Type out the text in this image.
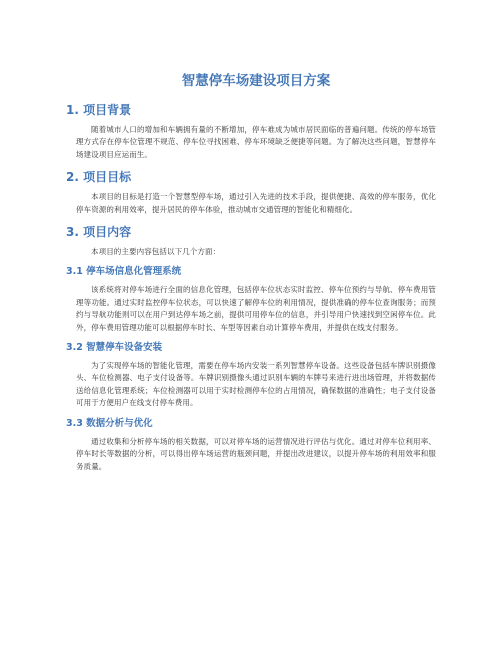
智慧停车场建设项目方案
1. 项目背景

随着城市人口的增加和车辆拥有量的不断增加，停车难成为城市居民面临的普遍问题。传统的停车场管理方式存在停车位管理不规范、停车位寻找困难、停车环境缺乏便捷等问题。为了解决这些问题，智慧停车场建设项目应运而生。

2. 项目目标

本项目的目标是打造一个智慧型停车场，通过引入先进的技术手段，提供便捷、高效的停车服务，优化停车资源的利用效率，提升居民的停车体验，推动城市交通管理的智能化和精细化。

3. 项目内容

本项目的主要内容包括以下几个方面：

3.1 停车场信息化管理系统

该系统将对停车场进行全面的信息化管理，包括停车位状态实时监控、停车位预约与导航、停车费用管理等功能。通过实时监控停车位状态，可以快速了解停车位的利用情况，提供准确的停车位查询服务；而预约与导航功能则可以在用户到达停车场之前，提供可用停车位的信息，并引导用户快速找到空闲停车位。此外，停车费用管理功能可以根据停车时长、车型等因素自动计算停车费用，并提供在线支付服务。

3.2 智慧停车设备安装

为了实现停车场的智能化管理，需要在停车场内安装一系列智慧停车设备。这些设备包括车牌识别摄像头、车位检测器、电子支付设备等。车牌识别摄像头通过识别车辆的车牌号来进行进出场管理，并将数据传送给信息化管理系统；车位检测器可以用于实时检测停车位的占用情况，确保数据的准确性；电子支付设备可用于方便用户在线支付停车费用。

3.3 数据分析与优化

通过收集和分析停车场的相关数据，可以对停车场的运营情况进行评估与优化。通过对停车位利用率、停车时长等数据的分析，可以得出停车场运营的瓶颈问题，并提出改进建议，以提升停车场的利用效率和服务质量。
